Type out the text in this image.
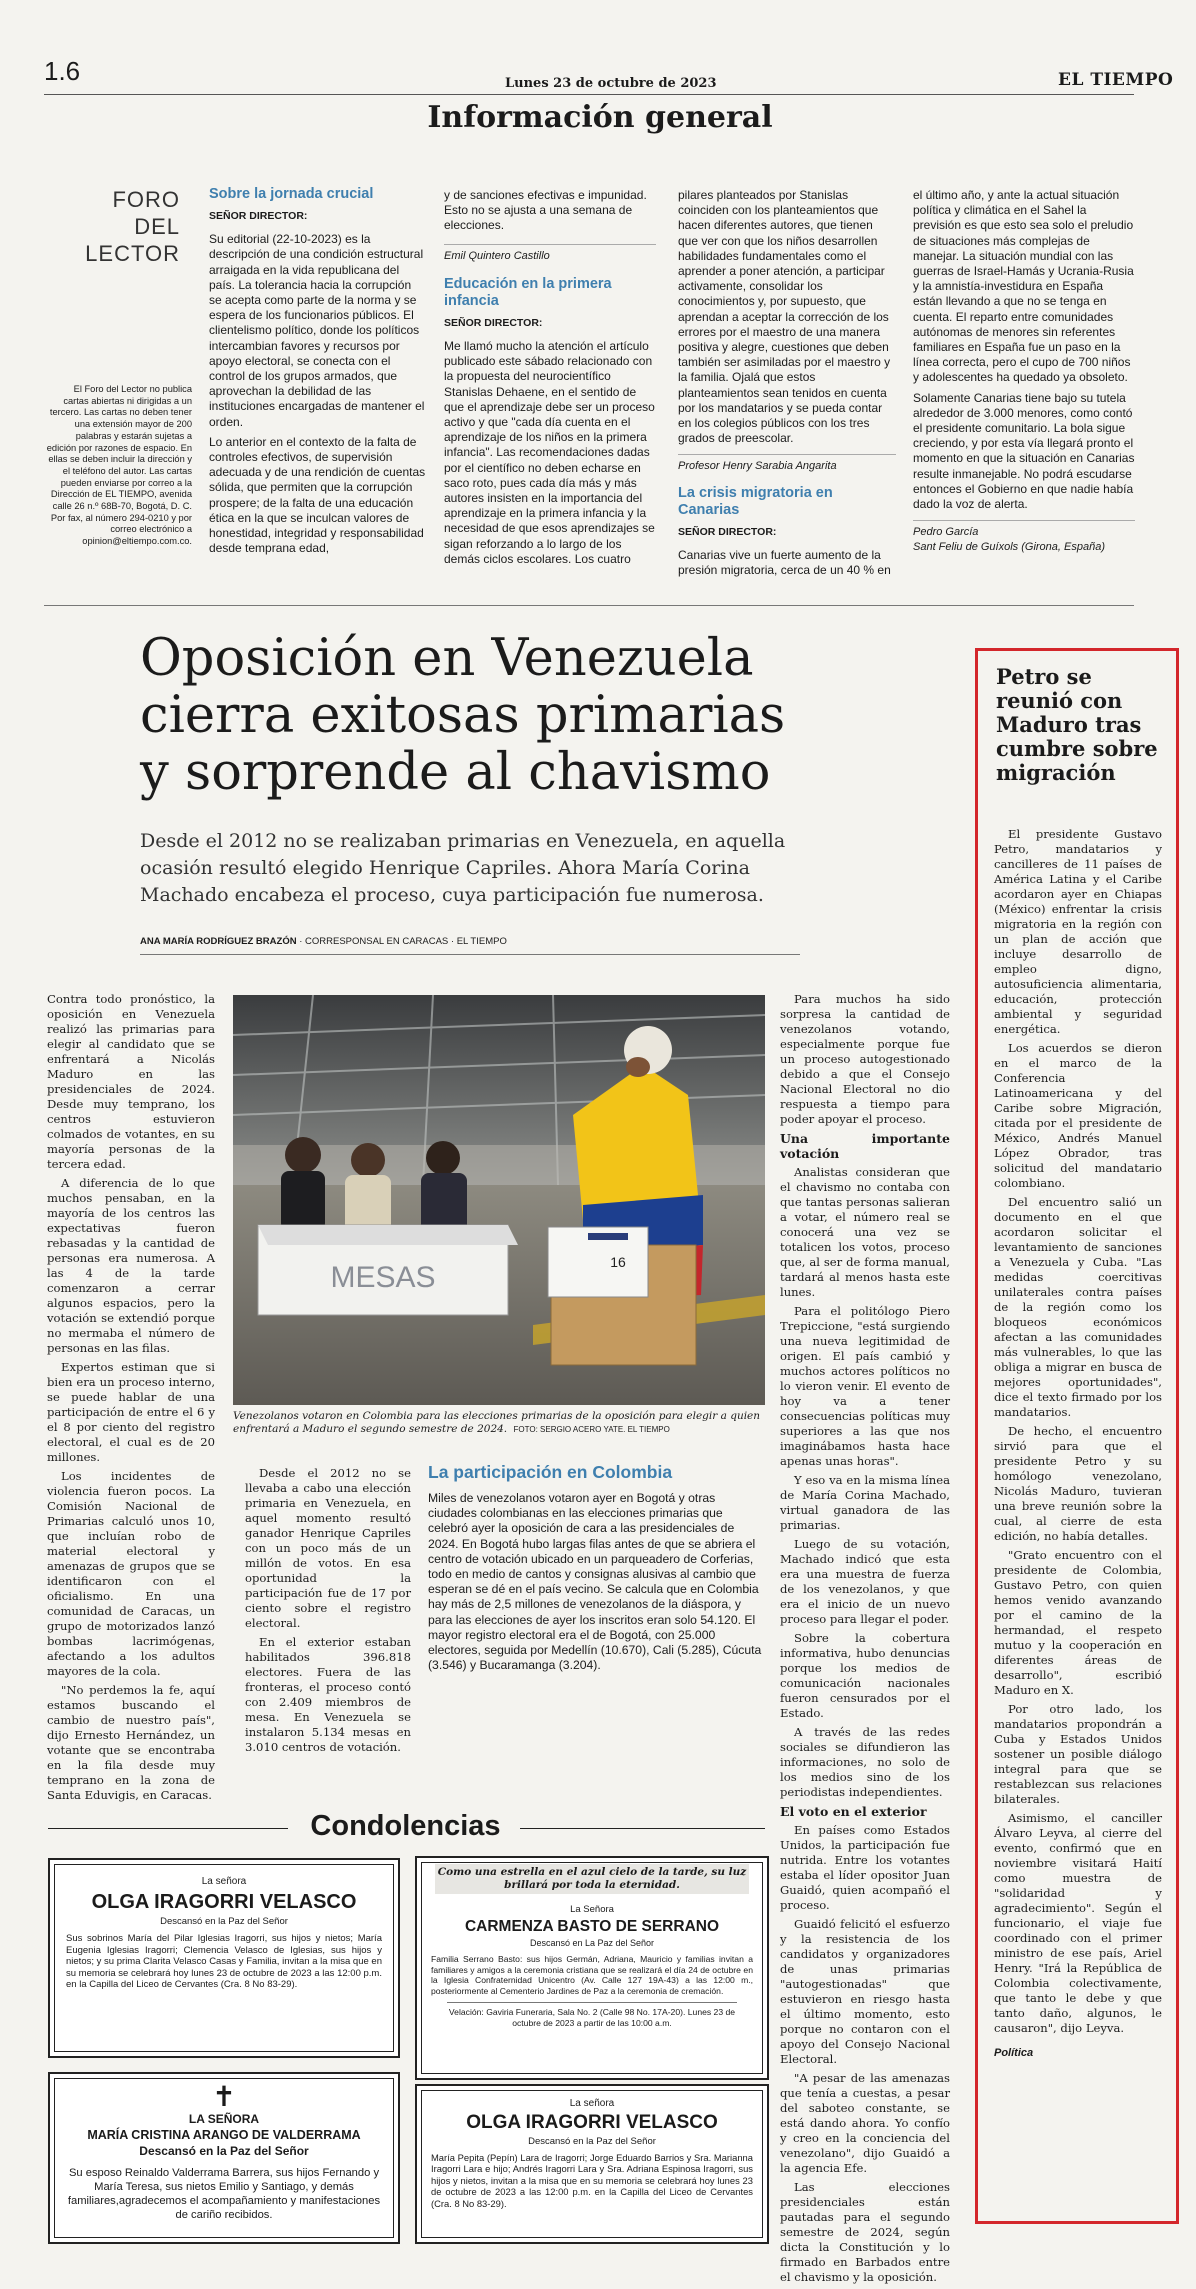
1.6	Lunes 23 de octubre de 2023	EL TIEMPO
Información general
FORO DEL LECTOR
El Foro del Lector no publica cartas abiertas ni dirigidas a un tercero. Las cartas no deben tener una extensión mayor de 200 palabras y estarán sujetas a edición por razones de espacio. En ellas se deben incluir la dirección y el teléfono del autor. Las cartas pueden enviarse por correo a la Dirección de EL TIEMPO, avenida calle 26 n.º 68B-70, Bogotá, D. C. Por fax, al número 294-0210 y por correo electrónico a opinion@eltiempo.com.co.
Sobre la jornada crucial
SEÑOR DIRECTOR:

Su editorial (22-10-2023) es la descripción de una condición estructural arraigada en la vida republicana del país. La tolerancia hacia la corrupción se acepta como parte de la norma y se espera de los funcionarios públicos. El clientelismo político, donde los políticos intercambian favores y recursos por apoyo electoral, se conecta con el control de los grupos armados, que aprovechan la debilidad de las instituciones encargadas de mantener el orden.

Lo anterior en el contexto de la falta de controles efectivos, de supervisión adecuada y de una rendición de cuentas sólida, que permiten que la corrupción prospere; de la falta de una educación ética en la que se inculcan valores de honestidad, integridad y responsabilidad desde temprana edad,

y de sanciones efectivas e impunidad. Esto no se ajusta a una semana de elecciones.

Emil Quintero Castillo
Educación en la primera infancia
SEÑOR DIRECTOR:

Me llamó mucho la atención el artículo publicado este sábado relacionado con la propuesta del neurocientífico Stanislas Dehaene, en el sentido de que el aprendizaje debe ser un proceso activo y que "cada día cuenta en el aprendizaje de los niños en la primera infancia". Las recomendaciones dadas por el científico no deben echarse en saco roto, pues cada día más y más autores insisten en la importancia del aprendizaje en la primera infancia y la necesidad de que esos aprendizajes se sigan reforzando a lo largo de los demás ciclos escolares. Los cuatro

pilares planteados por Stanislas coinciden con los planteamientos que hacen diferentes autores, que tienen que ver con que los niños desarrollen habilidades fundamentales como el aprender a poner atención, a participar activamente, consolidar los conocimientos y, por supuesto, que aprendan a aceptar la corrección de los errores por el maestro de una manera positiva y alegre, cuestiones que deben también ser asimiladas por el maestro y la familia. Ojalá que estos planteamientos sean tenidos en cuenta por los mandatarios y se pueda contar en los colegios públicos con los tres grados de preescolar.

Profesor Henry Sarabia Angarita
La crisis migratoria en Canarias
SEÑOR DIRECTOR:

Canarias vive un fuerte aumento de la presión migratoria, cerca de un 40 % en

el último año, y ante la actual situación política y climática en el Sahel la previsión es que esto sea solo el preludio de situaciones más complejas de manejar. La situación mundial con las guerras de Israel-Hamás y Ucrania-Rusia y la amnistía-investidura en España están llevando a que no se tenga en cuenta. El reparto entre comunidades autónomas de menores sin referentes familiares en España fue un paso en la línea correcta, pero el cupo de 700 niños y adolescentes ha quedado ya obsoleto.

Solamente Canarias tiene bajo su tutela alrededor de 3.000 menores, como contó el presidente comunitario. La bola sigue creciendo, y por esta vía llegará pronto el momento en que la situación en Canarias resulte inmanejable. No podrá escudarse entonces el Gobierno en que nadie había dado la voz de alerta.

Pedro García
Sant Feliu de Guíxols (Girona, España)
Oposición en Venezuela cierra exitosas primarias y sorprende al chavismo
Desde el 2012 no se realizaban primarias en Venezuela, en aquella ocasión resultó elegido Henrique Capriles. Ahora María Corina Machado encabeza el proceso, cuya participación fue numerosa.
ANA MARÍA RODRÍGUEZ BRAZÓN · CORRESPONSAL EN CARACAS · EL TIEMPO

Contra todo pronóstico, la oposición en Venezuela realizó las primarias para elegir al candidato que se enfrentará a Nicolás Maduro en las presidenciales de 2024. Desde muy temprano, los centros estuvieron colmados de votantes, en su mayoría personas de la tercera edad.

A diferencia de lo que muchos pensaban, en la mayoría de los centros las expectativas fueron rebasadas y la cantidad de personas era numerosa. A las 4 de la tarde comenzaron a cerrar algunos espacios, pero la votación se extendió porque no mermaba el número de personas en las filas.

Expertos estiman que si bien era un proceso interno, se puede hablar de una participación de entre el 6 y el 8 por ciento del registro electoral, el cual es de 20 millones.

Los incidentes de violencia fueron pocos. La Comisión Nacional de Primarias calculó unos 10, que incluían robo de material electoral y amenazas de grupos que se identificaron con el oficialismo. En una comunidad de Caracas, un grupo de motorizados lanzó bombas lacrimógenas, afectando a los adultos mayores de la cola.

"No perdemos la fe, aquí estamos buscando el cambio de nuestro país", dijo Ernesto Hernández, un votante que se encontraba en la fila desde muy temprano en la zona de Santa Eduvigis, en Caracas.

MESAS	16
Venezolanos votaron en Colombia para las elecciones primarias de la oposición para elegir a quien enfrentará a Maduro el segundo semestre de 2024. FOTO: SERGIO ACERO YATE. EL TIEMPO

Desde el 2012 no se llevaba a cabo una elección primaria en Venezuela, en aquel momento resultó ganador Henrique Capriles con un poco más de un millón de votos. En esa oportunidad la participación fue de 17 por ciento sobre el registro electoral.

En el exterior estaban habilitados 396.818 electores. Fuera de las fronteras, el proceso contó con 2.409 miembros de mesa. En Venezuela se instalaron 5.134 mesas en 3.010 centros de votación.

La participación en Colombia
Miles de venezolanos votaron ayer en Bogotá y otras ciudades colombianas en las elecciones primarias que celebró ayer la oposición de cara a las presidenciales de 2024. En Bogotá hubo largas filas antes de que se abriera el centro de votación ubicado en un parqueadero de Corferias, todo en medio de cantos y consignas alusivas al cambio que esperan se dé en el país vecino. Se calcula que en Colombia hay más de 2,5 millones de venezolanos de la diáspora, y para las elecciones de ayer los inscritos eran solo 54.120. El mayor registro electoral era el de Bogotá, con 25.000 electores, seguida por Medellín (10.670), Cali (5.285), Cúcuta (3.546) y Bucaramanga (3.204).

Para muchos ha sido sorpresa la cantidad de venezolanos votando, especialmente porque fue un proceso autogestionado debido a que el Consejo Nacional Electoral no dio respuesta a tiempo para poder apoyar el proceso.

Una importante votación

Analistas consideran que el chavismo no contaba con que tantas personas salieran a votar, el número real se conocerá una vez se totalicen los votos, proceso que, al ser de forma manual, tardará al menos hasta este lunes.

Para el politólogo Piero Trepiccione, "está surgiendo una nueva legitimidad de origen. El país cambió y muchos actores políticos no lo vieron venir. El evento de hoy va a tener consecuencias políticas muy superiores a las que nos imaginábamos hasta hace apenas unas horas".

Y eso va en la misma línea de María Corina Machado, virtual ganadora de las primarias.

Luego de su votación, Machado indicó que esta era una muestra de fuerza de los venezolanos, y que era el inicio de un nuevo proceso para llegar el poder.

Sobre la cobertura informativa, hubo denuncias porque los medios de comunicación nacionales fueron censurados por el Estado.

A través de las redes sociales se difundieron las informaciones, no solo de los medios sino de los periodistas independientes.

El voto en el exterior

En países como Estados Unidos, la participación fue nutrida. Entre los votantes estaba el líder opositor Juan Guaidó, quien acompañó el proceso.

Guaidó felicitó el esfuerzo y la resistencia de los candidatos y organizadores de unas primarias "autogestionadas" que estuvieron en riesgo hasta el último momento, esto porque no contaron con el apoyo del Consejo Nacional Electoral.

"A pesar de las amenazas que tenía a cuestas, a pesar del saboteo constante, se está dando ahora. Yo confío y creo en la conciencia del venezolano", dijo Guaidó a la agencia Efe.

Las elecciones presidenciales están pautadas para el segundo semestre de 2024, según dicta la Constitución y lo firmado en Barbados entre el chavismo y la oposición.

Petro se reunió con Maduro tras cumbre sobre migración

El presidente Gustavo Petro, mandatarios y cancilleres de 11 países de América Latina y el Caribe acordaron ayer en Chiapas (México) enfrentar la crisis migratoria en la región con un plan de acción que incluye desarrollo de empleo digno, autosuficiencia alimentaria, educación, protección ambiental y seguridad energética.

Los acuerdos se dieron en el marco de la Conferencia Latinoamericana y del Caribe sobre Migración, citada por el presidente de México, Andrés Manuel López Obrador, tras solicitud del mandatario colombiano.

Del encuentro salió un documento en el que acordaron solicitar el levantamiento de sanciones a Venezuela y Cuba. "Las medidas coercitivas unilaterales contra países de la región como los bloqueos económicos afectan a las comunidades más vulnerables, lo que las obliga a migrar en busca de mejores oportunidades", dice el texto firmado por los mandatarios.

De hecho, el encuentro sirvió para que el presidente Petro y su homólogo venezolano, Nicolás Maduro, tuvieran una breve reunión sobre la cual, al cierre de esta edición, no había detalles.

"Grato encuentro con el presidente de Colombia, Gustavo Petro, con quien hemos venido avanzando por el camino de la hermandad, el respeto mutuo y la cooperación en diferentes áreas de desarrollo", escribió Maduro en X.

Por otro lado, los mandatarios propondrán a Cuba y Estados Unidos sostener un posible diálogo integral para que se restablezcan sus relaciones bilaterales.

Asimismo, el canciller Álvaro Leyva, al cierre del evento, confirmó que en noviembre visitará Haití como muestra de "solidaridad y agradecimiento". Según el funcionario, el viaje fue coordinado con el primer ministro de ese país, Ariel Henry. "Irá la República de Colombia colectivamente, que tanto le debe y que tanto daño, algunos, le causaron", dijo Leyva.

Política
Condolencias
La señora
OLGA IRAGORRI VELASCO
Descansó en la Paz del Señor
Sus sobrinos María del Pilar Iglesias Iragorri, sus hijos y nietos; María Eugenia Iglesias Iragorri; Clemencia Velasco de Iglesias, sus hijos y nietos; y su prima Clarita Velasco Casas y Familia, invitan a la misa que en su memoria se celebrará hoy lunes 23 de octubre de 2023 a las 12:00 p.m. en la Capilla del Liceo de Cervantes (Cra. 8 No 83-29).
✝
LA SEÑORA
MARÍA CRISTINA ARANGO DE VALDERRAMA
Descansó en la Paz del Señor
Su esposo Reinaldo Valderrama Barrera, sus hijos Fernando y María Teresa, sus nietos Emilio y Santiago, y demás familiares,agradecemos el acompañamiento y manifestaciones de cariño recibidos.
Como una estrella en el azul cielo de la tarde, su luz brillará por toda la eternidad.
La Señora
CARMENZA BASTO DE SERRANO
Descansó en La Paz del Señor
Familia Serrano Basto: sus hijos Germán, Adriana, Mauricio y familias invitan a familiares y amigos a la ceremonia cristiana que se realizará el día 24 de octubre en la Iglesia Confraternidad Unicentro (Av. Calle 127 19A-43) a las 12:00 m., posteriormente al Cementerio Jardines de Paz a la ceremonia de cremación.
Velación: Gaviria Funeraria, Sala No. 2 (Calle 98 No. 17A-20). Lunes 23 de octubre de 2023 a partir de las 10:00 a.m.
La señora
OLGA IRAGORRI VELASCO
Descansó en la Paz del Señor
María Pepita (Pepín) Lara de Iragorri; Jorge Eduardo Barrios y Sra. Marianna Iragorri Lara e hijo; Andrés Iragorri Lara y Sra. Adriana Espinosa Iragorri, sus hijos y nietos, invitan a la misa que en su memoria se celebrará hoy lunes 23 de octubre de 2023 a las 12:00 p.m. en la Capilla del Liceo de Cervantes (Cra. 8 No 83-29).
